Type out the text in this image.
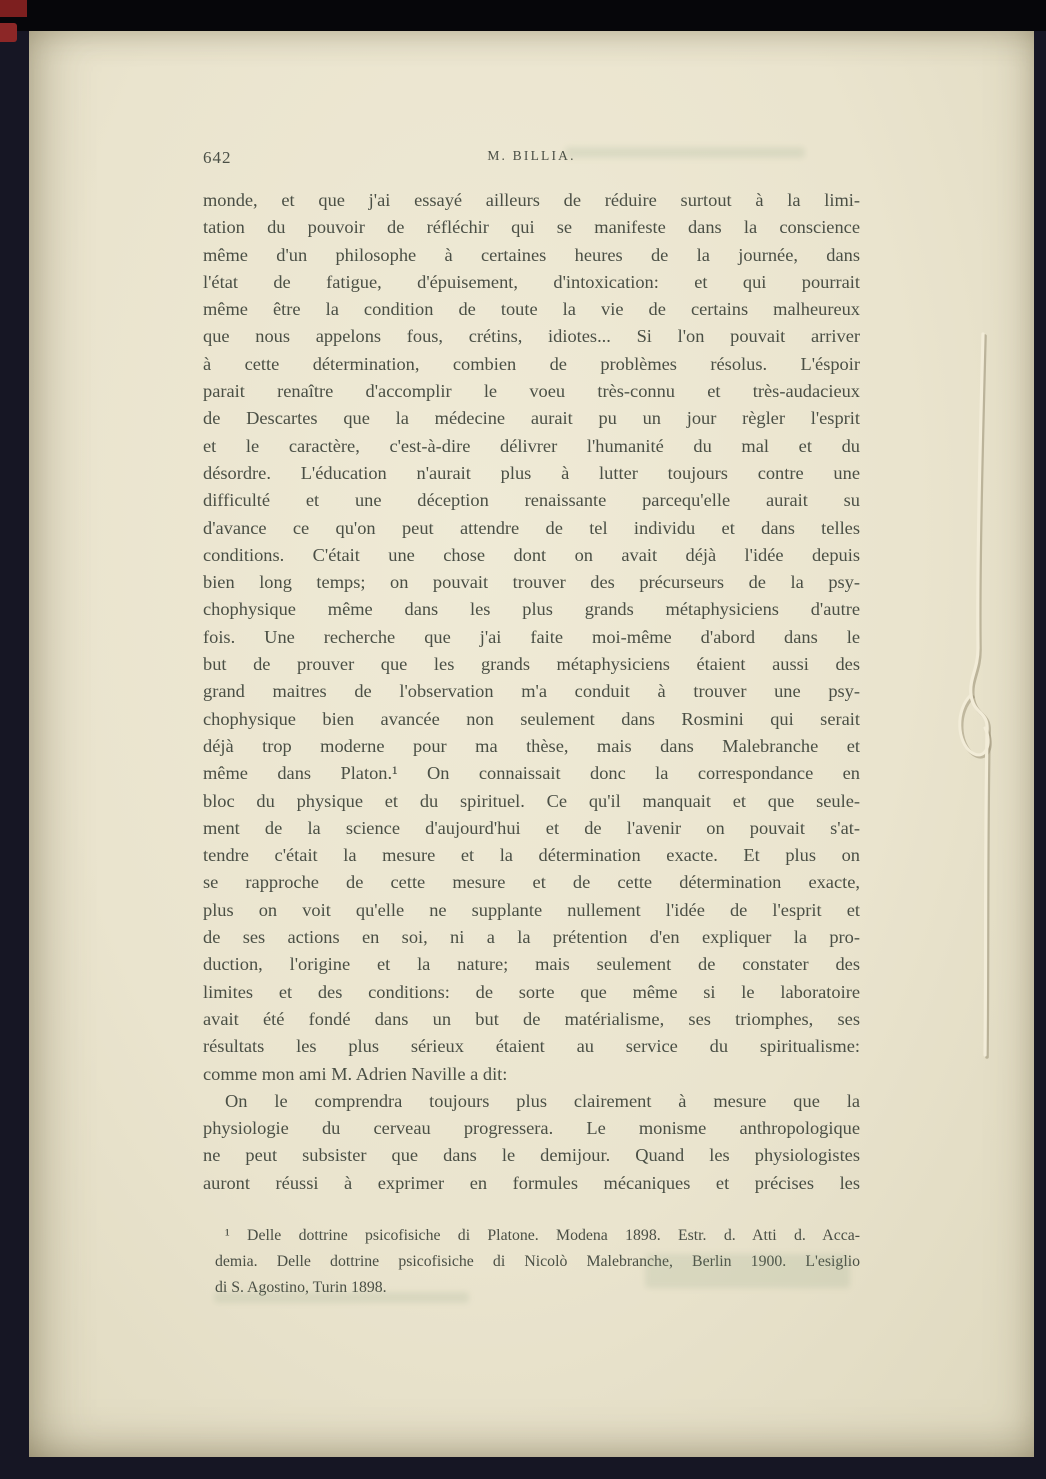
642	M. BILLIA.
monde, et que j'ai essayé ailleurs de réduire surtout à la limi-
tation du pouvoir de réfléchir qui se manifeste dans la conscience
même d'un philosophe à certaines heures de la journée, dans
l'état de fatigue, d'épuisement, d'intoxication: et qui pourrait
même être la condition de toute la vie de certains malheureux
que nous appelons fous, crétins, idiotes... Si l'on pouvait arriver
à cette détermination, combien de problèmes résolus. L'éspoir
parait renaître d'accomplir le voeu très-connu et très-audacieux
de Descartes que la médecine aurait pu un jour règler l'esprit
et le caractère, c'est-à-dire délivrer l'humanité du mal et du
désordre. L'éducation n'aurait plus à lutter toujours contre une
difficulté et une déception renaissante parcequ'elle aurait su
d'avance ce qu'on peut attendre de tel individu et dans telles
conditions. C'était une chose dont on avait déjà l'idée depuis
bien long temps; on pouvait trouver des précurseurs de la psy-
chophysique même dans les plus grands métaphysiciens d'autre
fois. Une recherche que j'ai faite moi-même d'abord dans le
but de prouver que les grands métaphysiciens étaient aussi des
grand maitres de l'observation m'a conduit à trouver une psy-
chophysique bien avancée non seulement dans Rosmini qui serait
déjà trop moderne pour ma thèse, mais dans Malebranche et
même dans Platon.¹ On connaissait donc la correspondance en
bloc du physique et du spirituel. Ce qu'il manquait et que seule-
ment de la science d'aujourd'hui et de l'avenir on pouvait s'at-
tendre c'était la mesure et la détermination exacte. Et plus on
se rapproche de cette mesure et de cette détermination exacte,
plus on voit qu'elle ne supplante nullement l'idée de l'esprit et
de ses actions en soi, ni a la prétention d'en expliquer la pro-
duction, l'origine et la nature; mais seulement de constater des
limites et des conditions: de sorte que même si le laboratoire
avait été fondé dans un but de matérialisme, ses triomphes, ses
résultats les plus sérieux étaient au service du spiritualisme:
comme mon ami M. Adrien Naville a dit:
On le comprendra toujours plus clairement à mesure que la
physiologie du cerveau progressera. Le monisme anthropologique
ne peut subsister que dans le demijour. Quand les physiologistes
auront réussi à exprimer en formules mécaniques et précises les
¹ Delle dottrine psicofisiche di Platone. Modena 1898. Estr. d. Atti d. Acca-
demia. Delle dottrine psicofisiche di Nicolò Malebranche, Berlin 1900. L'esiglio
di S. Agostino, Turin 1898.
